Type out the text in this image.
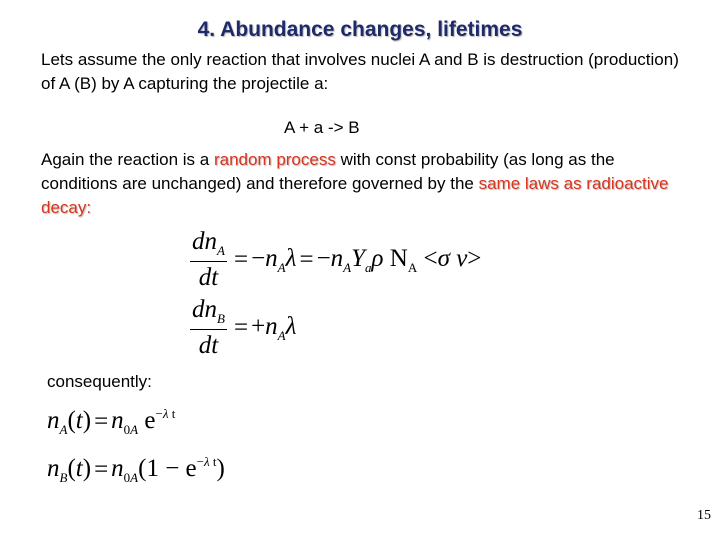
4. Abundance changes, lifetimes
Lets assume the only reaction that involves nuclei A and B is destruction (production) of A (B) by A capturing the projectile a:
A + a -> B
Again the reaction is a random process with const probability (as long as the conditions are unchanged) and therefore governed by the same laws as radioactive decay:
$\frac{dn_A}{dt} = -n_A\lambda = -n_AY_a\rho$ $N_A <\sigma$ v>
$\frac{dn_B}{dt} = +n_A\lambda$
consequently:
$n_A(t) = n_{0A}$ $e^{-\lambda t}$
$n_B(t) = n_{0A}(1 - e^{-\lambda t})$
15
